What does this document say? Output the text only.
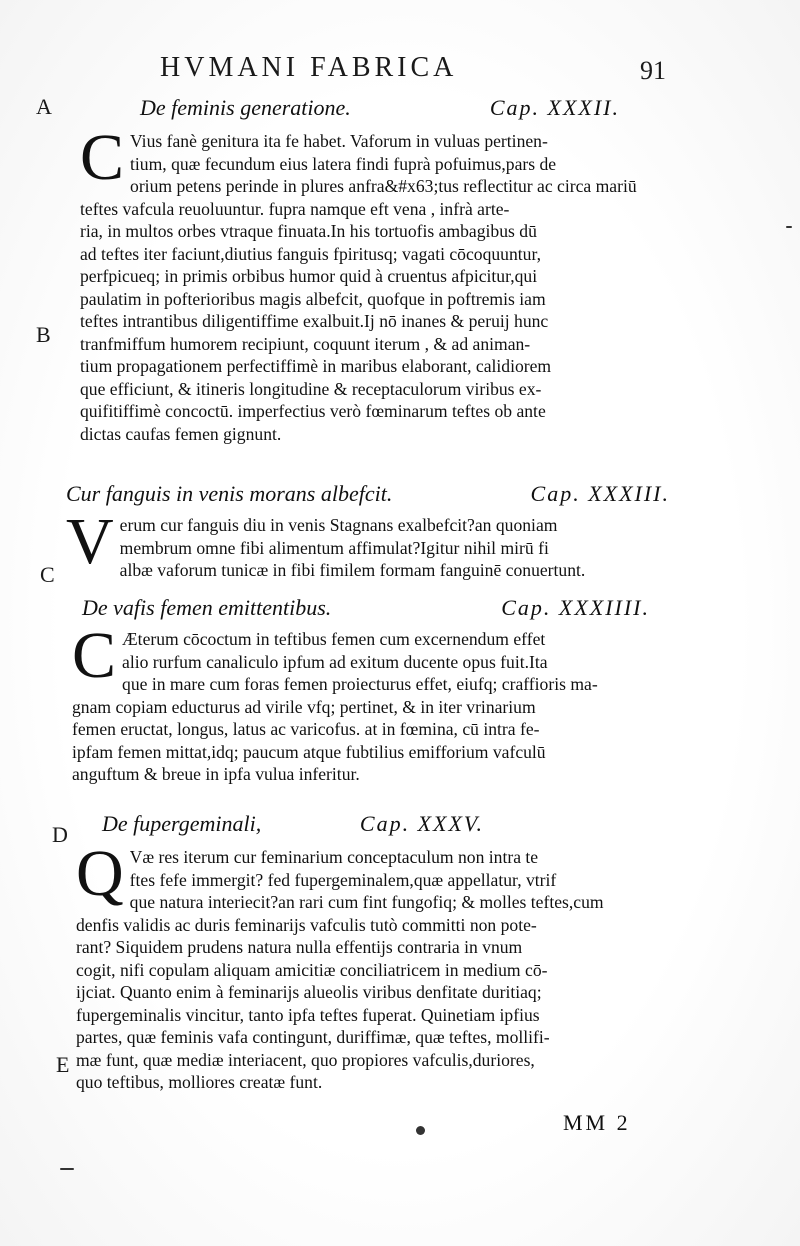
HVMANI FABRICA	91
A
B
C
D
E
De feminis generatione.	Cap. XXXII.
C Vius fanè genitura ita fe habet. Vaforum in vuluas pertinen-
tium, quæ fecundum eius latera findi fuprà pofuimus,pars de
orium petens perinde in plures anfra&#x63;tus reflectitur ac circa mariū
teftes vafcula reuoluuntur. fupra namque eft vena , infrà arte-
ria, in multos orbes vtraque finuata.In his tortuofis ambagibus dū
ad teftes iter faciunt,diutius fanguis fpiritusq; vagati cōcoquuntur,
perfpicueq; in primis orbibus humor quid à cruentus afpicitur,qui
paulatim in pofterioribus magis albefcit, quofque in poftremis iam
teftes intrantibus diligentiffime exalbuit.Ij nō inanes & peruij hunc
tranfmiffum humorem recipiunt, coquunt iterum , & ad animan-
tium propagationem perfectiffimè in maribus elaborant, calidiorem
que efficiunt, & itineris longitudine & receptaculorum viribus ex-
quifitiffimè concoctū. imperfectius verò fœminarum teftes ob ante
dictas caufas femen gignunt.
Cur fanguis in venis morans albefcit.	Cap. XXXIII.
V erum cur fanguis diu in venis Stagnans exalbefcit?an quoniam
membrum omne fibi alimentum affimulat?Igitur nihil mirū fi
albæ vaforum tunicæ in fibi fimilem formam fanguinē conuertunt.
De vafis femen emittentibus.	Cap. XXXIIII.
C Æterum cōcoctum in teftibus femen cum excernendum effet
alio rurfum canaliculo ipfum ad exitum ducente opus fuit.Ita
que in mare cum foras femen proiecturus effet, eiufq; craffioris ma-
gnam copiam educturus ad virile vfq; pertinet, & in iter vrinarium
femen eructat, longus, latus ac varicofus. at in fœmina, cū intra fe-
ipfam femen mittat,idq; paucum atque fubtilius emifforium vafculū
anguftum & breue in ipfa vulua inferitur.
De fupergeminali,	Cap. XXXV.
Q Væ res iterum cur feminarium conceptaculum non intra te
ftes fefe immergit? fed fupergeminalem,quæ appellatur, vtrif
que natura interiecit?an rari cum fint fungofiq; & molles teftes,cum
denfis validis ac duris feminarijs vafculis tutò committi non pote-
rant? Siquidem prudens natura nulla effentijs contraria in vnum
cogit, nifi copulam aliquam amicitiæ conciliatricem in medium cō-
ijciat. Quanto enim à feminarijs alueolis viribus denfitate duritiaq;
fupergeminalis vincitur, tanto ipfa teftes fuperat. Quinetiam ipfius
partes, quæ feminis vafa contingunt, duriffimæ, quæ teftes, mollifi-
mæ funt, quæ mediæ interiacent, quo propiores vafculis,duriores,
quo teftibus, molliores creatæ funt.
MM 2
